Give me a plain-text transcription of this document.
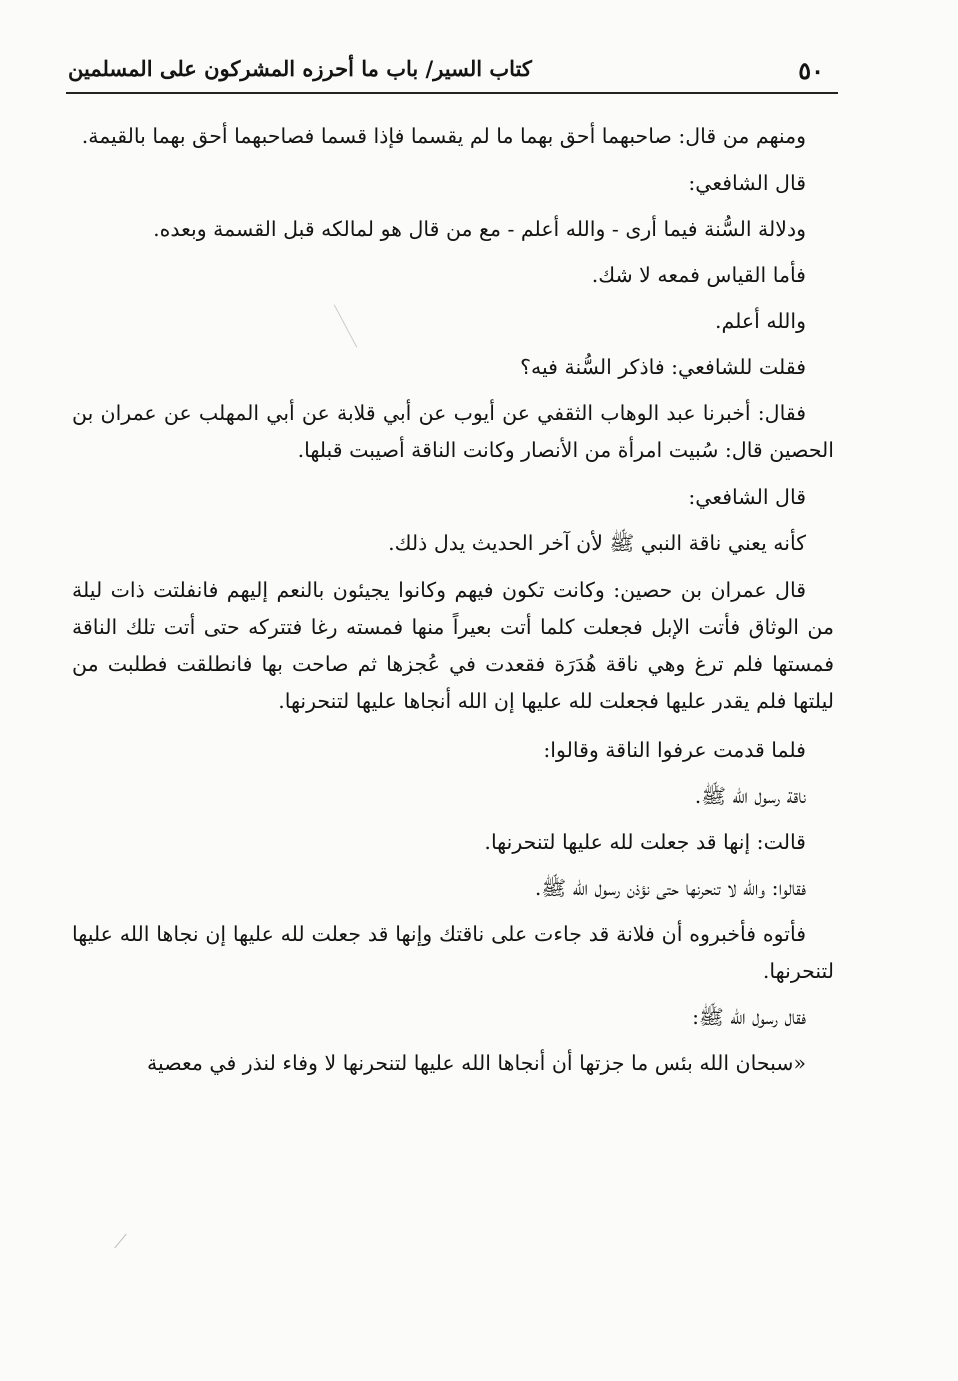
٥٠
كتاب السير/ باب ما أحرزه المشركون على المسلمين

ومنهم من قال: صاحبهما أحق بهما ما لم يقسما فإذا قسما فصاحبهما أحق بهما بالقيمة.

قال الشافعي:

ودلالة السُّنة فيما أرى - والله أعلم - مع من قال هو لمالكه قبل القسمة وبعده.

فأما القياس فمعه لا شك.

والله أعلم.

فقلت للشافعي: فاذكر السُّنة فيه؟

فقال: أخبرنا عبد الوهاب الثقفي عن أيوب عن أبي قلابة عن أبي المهلب عن عمران بن الحصين قال: سُبيت امرأة من الأنصار وكانت الناقة أصيبت قبلها.

قال الشافعي:

كأنه يعني ناقة النبي ﷺ لأن آخر الحديث يدل ذلك.

قال عمران بن حصين: وكانت تكون فيهم وكانوا يجيئون بالنعم إليهم فانفلتت ذات ليلة من الوثاق فأتت الإبل فجعلت كلما أتت بعيراً منها فمسته رغا فتتركه حتى أتت تلك الناقة فمستها فلم ترغ وهي ناقة هُدَرَة فقعدت في عُجزها ثم صاحت بها فانطلقت فطلبت من ليلتها فلم يقدر عليها فجعلت لله عليها إن الله أنجاها عليها لتنحرنها.

فلما قدمت عرفوا الناقة وقالوا:

ناقة رسول الله ﷺ.

قالت: إنها قد جعلت لله عليها لتنحرنها.

فقالوا: والله لا تنحرنها حتى نؤذن رسول الله ﷺ.

فأتوه فأخبروه أن فلانة قد جاءت على ناقتك وإنها قد جعلت لله عليها إن نجاها الله عليها لتنحرنها.

فقال رسول الله ﷺ:

«سبحان الله بئس ما جزتها أن أنجاها الله عليها لتنحرنها لا وفاء لنذر في معصية
